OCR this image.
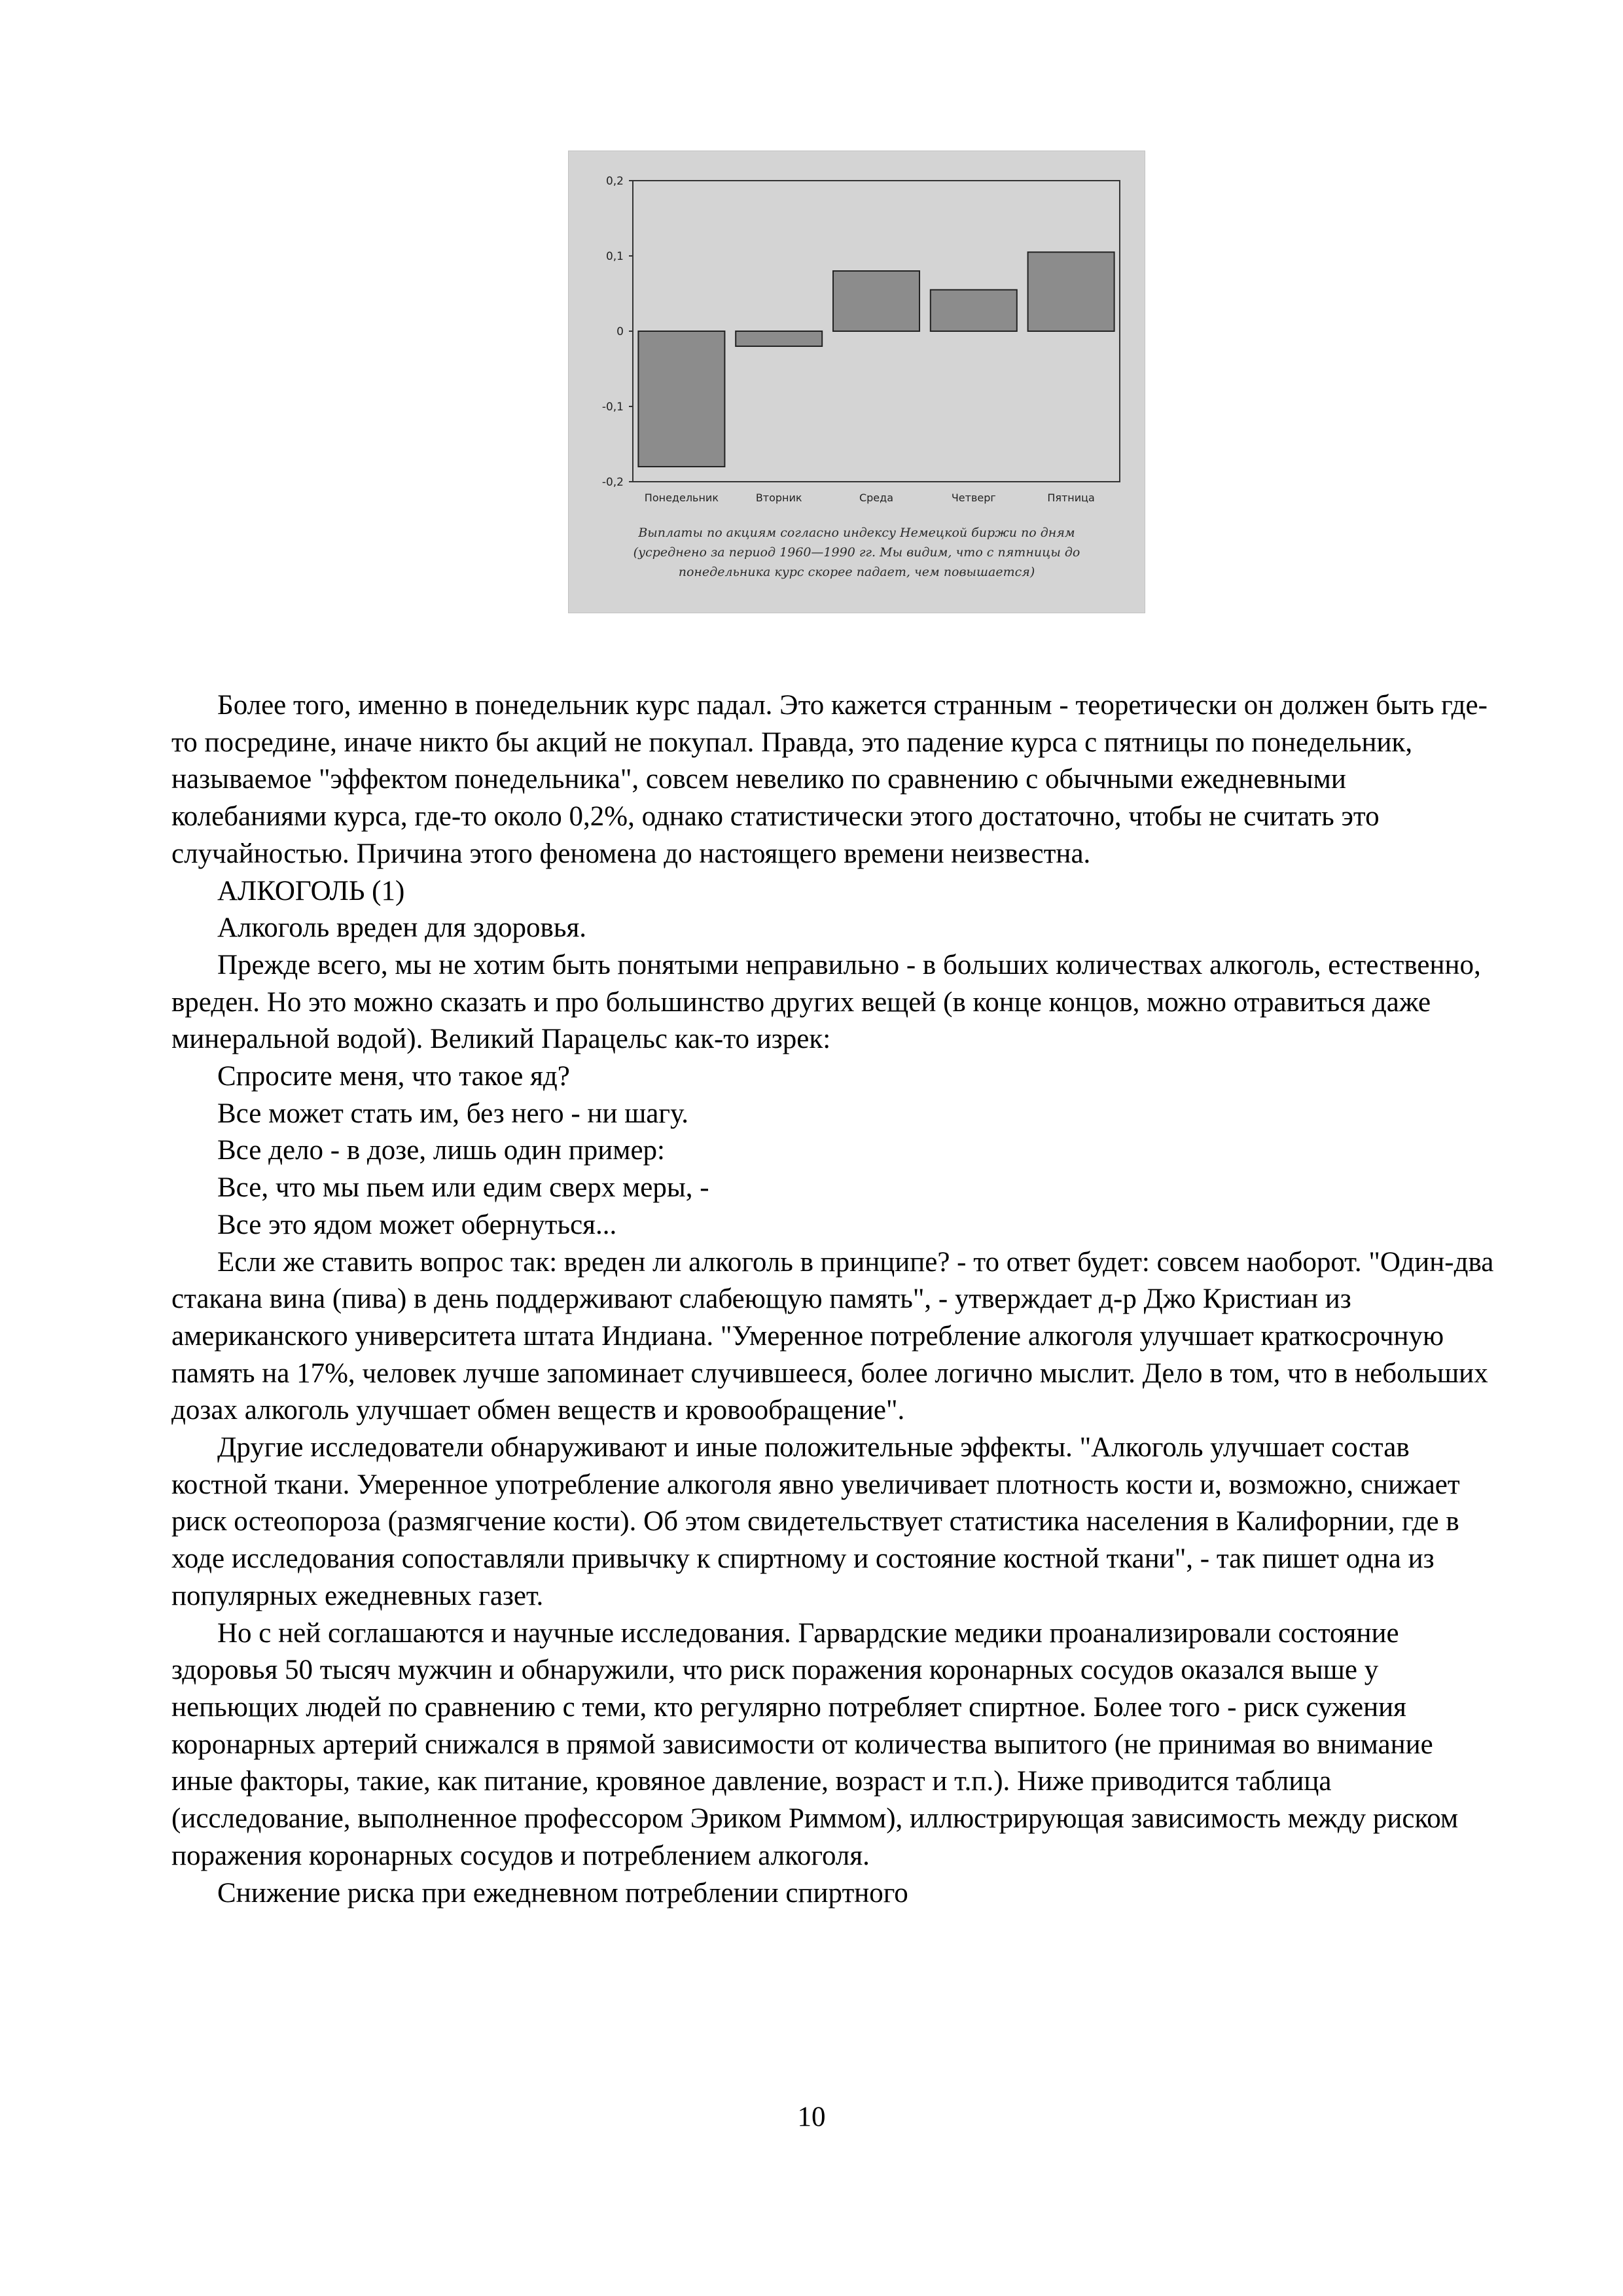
0,2
0,1
0
-0,1
-0,2
Понедельник	Вторник	Среда	Четверг	Пятница
Выплаты по акциям согласно индексу Немецкой биржи по дням
(усреднено за период 1960—1990 гг. Мы видим, что с пятницы до
понедельника курс скорее падает, чем повышается)

Более того, именно в понедельник курс падал. Это кажется странным - теоретически он должен быть где-то посредине, иначе никто бы акций не покупал. Правда, это падение курса с пятницы по понедельник, называемое "эффектом понедельника", совсем невелико по сравнению с обычными ежедневными колебаниями курса, где-то около 0,2%, однако статистически этого достаточно, чтобы не считать это случайностью. Причина этого феномена до настоящего времени неизвестна.

АЛКОГОЛЬ (1)

Алкоголь вреден для здоровья.

Прежде всего, мы не хотим быть понятыми неправильно - в больших количествах алкоголь, естественно, вреден. Но это можно сказать и про большинство других вещей (в конце концов, можно отравиться даже минеральной водой). Великий Парацельс как-то изрек:

Спросите меня, что такое яд?

Все может стать им, без него - ни шагу.

Все дело - в дозе, лишь один пример:

Все, что мы пьем или едим сверх меры, -

Все это ядом может обернуться...

Если же ставить вопрос так: вреден ли алкоголь в принципе? - то ответ будет: совсем наоборот. "Один-два стакана вина (пива) в день поддерживают слабеющую память", - утверждает д-р Джо Кристиан из американского университета штата Индиана. "Умеренное потребление алкоголя улучшает краткосрочную память на 17%, человек лучше запоминает случившееся, более логично мыслит. Дело в том, что в небольших дозах алкоголь улучшает обмен веществ и кровообращение".

Другие исследователи обнаруживают и иные положительные эффекты. "Алкоголь улучшает состав костной ткани. Умеренное употребление алкоголя явно увеличивает плотность кости и, возможно, снижает риск остеопороза (размягчение кости). Об этом свидетельствует статистика населения в Калифорнии, где в ходе исследования сопоставляли привычку к спиртному и состояние костной ткани", - так пишет одна из популярных ежедневных газет.

Но с ней соглашаются и научные исследования. Гарвардские медики проанализировали состояние здоровья 50 тысяч мужчин и обнаружили, что риск поражения коронарных сосудов оказался выше у непьющих людей по сравнению с теми, кто регулярно потребляет спиртное. Более того - риск сужения коронарных артерий снижался в прямой зависимости от количества выпитого (не принимая во внимание иные факторы, такие, как питание, кровяное давление, возраст и т.п.). Ниже приводится таблица (исследование, выполненное профессором Эриком Риммом), иллюстрирующая зависимость между риском поражения коронарных сосудов и потреблением алкоголя.

Снижение риска при ежедневном потреблении спиртного

10
